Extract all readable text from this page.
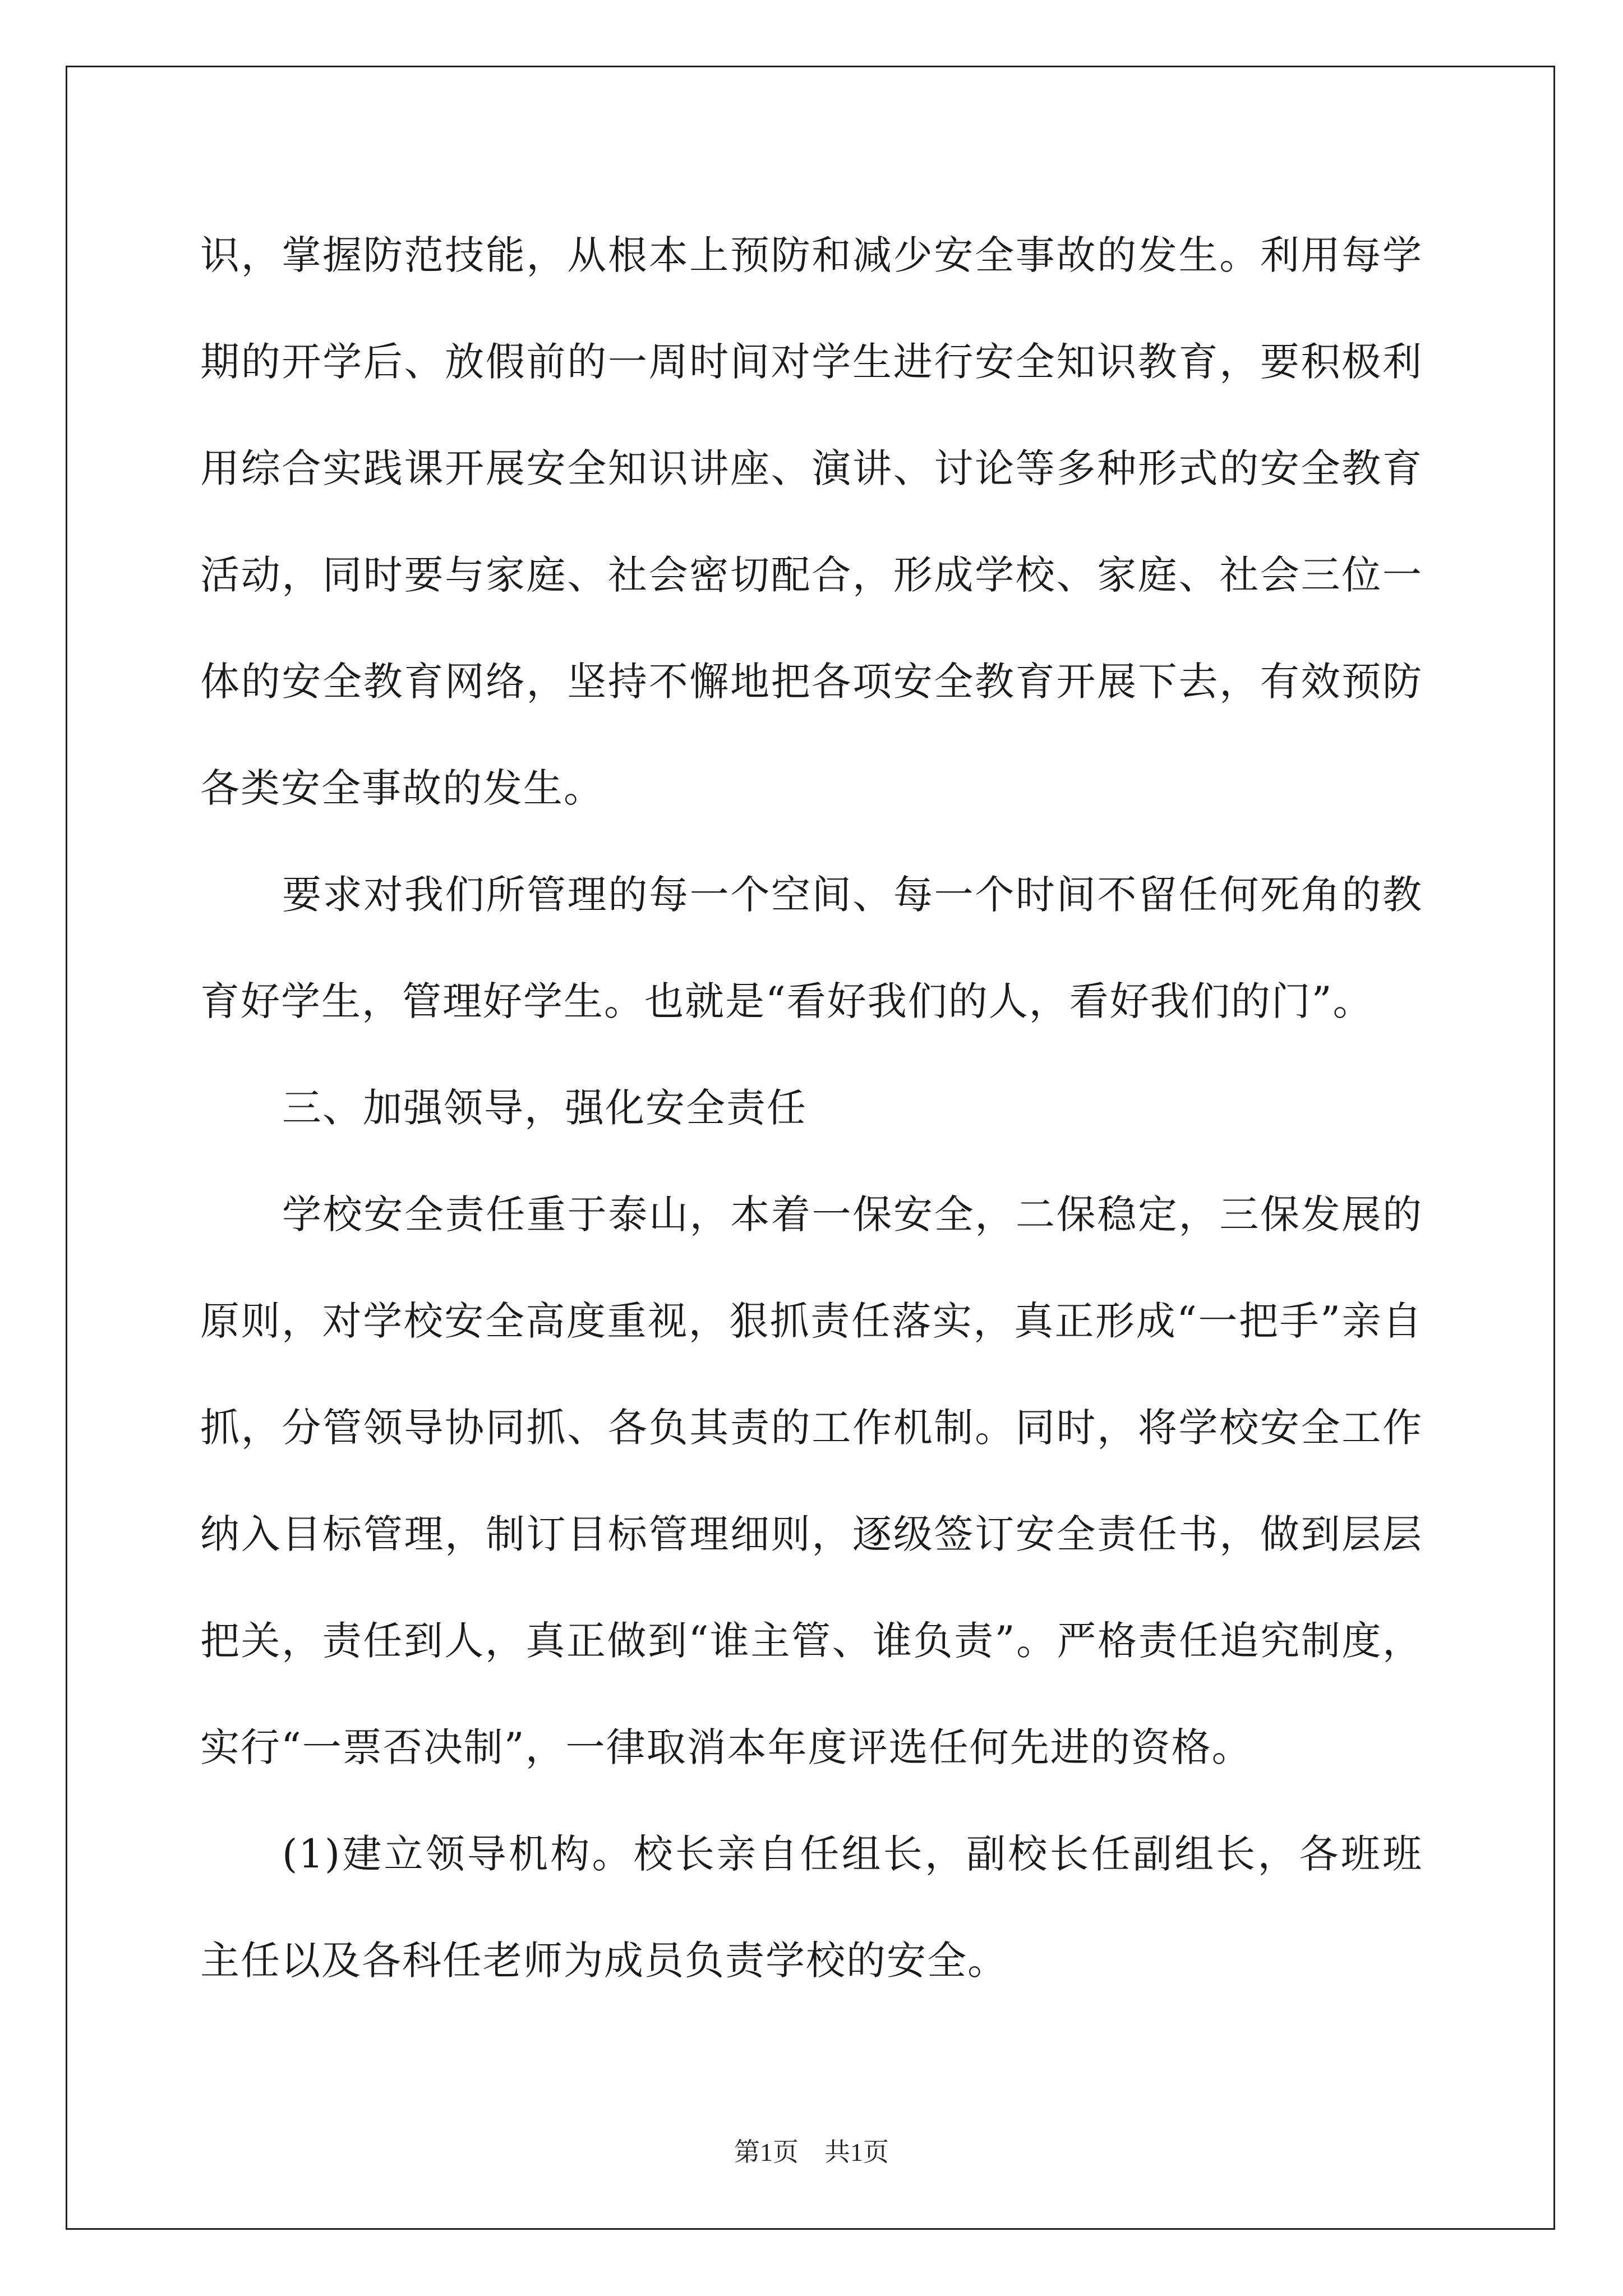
识，掌握防范技能，从根本上预防和减少安全事故的发生。利用每学期的开学后、放假前的一周时间对学生进行安全知识教育，要积极利用综合实践课开展安全知识讲座、演讲、讨论等多种形式的安全教育活动，同时要与家庭、社会密切配合，形成学校、家庭、社会三位一体的安全教育网络，坚持不懈地把各项安全教育开展下去，有效预防各类安全事故的发生。

要求对我们所管理的每一个空间、每一个时间不留任何死角的教育好学生，管理好学生。也就是“看好我们的人，看好我们的门”。

三、加强领导，强化安全责任

学校安全责任重于泰山，本着一保安全，二保稳定，三保发展的原则，对学校安全高度重视，狠抓责任落实，真正形成“一把手”亲自抓，分管领导协同抓、各负其责的工作机制。同时，将学校安全工作纳入目标管理，制订目标管理细则，逐级签订安全责任书，做到层层把关，责任到人，真正做到“谁主管、谁负责”。严格责任追究制度，实行“一票否决制”，一律取消本年度评选任何先进的资格。

(1)建立领导机构。校长亲自任组长，副校长任副组长，各班班主任以及各科任老师为成员负责学校的安全。

第1页　共1页
